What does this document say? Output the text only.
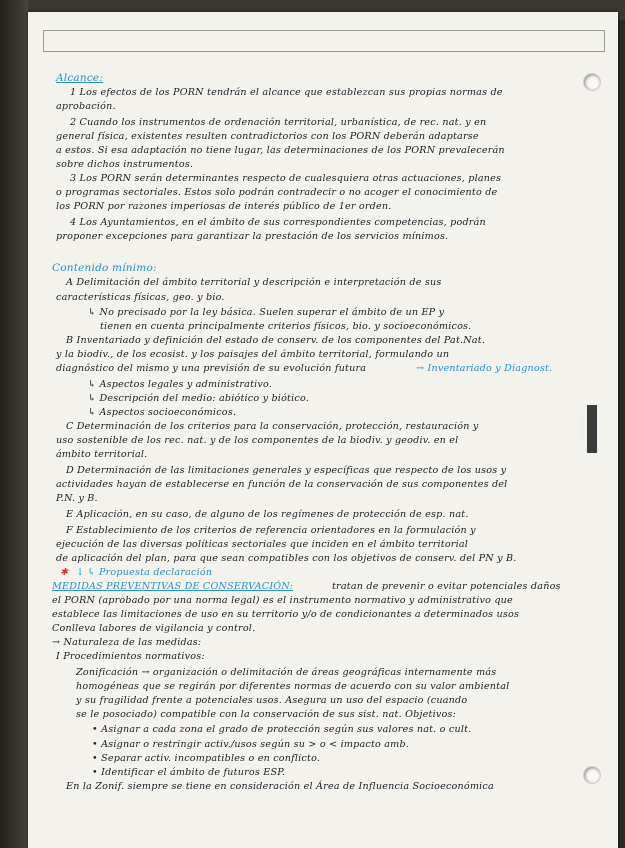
ANALYSIS
Alcance:
1 Los efectos de los PORN tendrán el alcance que establezcan sus propias normas de
aprobación.
2 Cuando los instrumentos de ordenación territorial, urbanística, de rec. nat. y en
general física, existentes resulten contradictorios con los PORN deberán adaptarse
a estos. Si esa adaptación no tiene lugar, las determinaciones de los PORN prevalecerán
sobre dichos instrumentos.
3 Los PORN serán determinantes respecto de cualesquiera otras actuaciones, planes
o programas sectoriales. Estos solo podrán contradecir o no acoger el conocimiento de
los PORN por razones imperiosas de interés público de 1er orden.
4 Los Ayuntamientos, en el ámbito de sus correspondientes competencias, podrán
proponer excepciones para garantizar la prestación de los servicios mínimos.
Contenido mínimo:
A Delimitación del ámbito territorial y descripción e interpretación de sus
características físicas, geo. y bio.
↳ No precisado por la ley básica. Suelen superar el ámbito de un EP y
tienen en cuenta principalmente criterios físicos, bio. y socioeconómicos.
B Inventariado y definición del estado de conserv. de los componentes del Pat.Nat.
y la biodiv., de los ecosist. y los paisajes del ámbito territorial, formulando un
diagnóstico del mismo y una previsión de su evolución futura	→ Inventariado y Diagnost.
↳ Aspectos legales y administrativo.
↳ Descripción del medio: abiótico y biótico.
↳ Aspectos socioeconómicos.
C Determinación de los criterios para la conservación, protección, restauración y
uso sostenible de los rec. nat. y de los componentes de la biodiv. y geodiv. en el
ámbito territorial.
D Determinación de las limitaciones generales y específicas que respecto de los usos y
actividades hayan de establecerse en función de la conservación de sus componentes del
P.N. y B.
E Aplicación, en su caso, de alguno de los regímenes de protección de esp. nat.
F Establecimiento de los criterios de referencia orientadores en la formulación y
ejecución de las diversas políticas sectoriales que inciden en el ámbito territorial
de aplicación del plan, para que sean compatibles con los objetivos de conserv. del PN y B.
✱ ↓ ↳ Propuesta declaración
MEDIDAS PREVENTIVAS DE CONSERVACIÓN:	tratan de prevenir o evitar potenciales daños
el PORN (aprobado por una norma legal) es el instrumento normativo y administrativo que
establece las limitaciones de uso en su territorio y/o de condicionantes a determinados usos
Conlleva labores de vigilancia y control.
→ Naturaleza de las medidas:
I Procedimientos normativos:
Zonificación → organización o delimitación de áreas geográficas internamente más
homogéneas que se regirán por diferentes normas de acuerdo con su valor ambiental
y su fragilidad frente a potenciales usos. Asegura un uso del espacio (cuando
se le posociado) compatible con la conservación de sus sist. nat. Objetivos:
• Asignar a cada zona el grado de protección según sus valores nat. o cult.
• Asignar o restringir activ./usos según su > o < impacto amb.
• Separar activ. incompatibles o en conflicto.
• Identificar el ámbito de futuros ESP.
En la Zonif. siempre se tiene en consideración el Área de Influencia Socioeconómica
